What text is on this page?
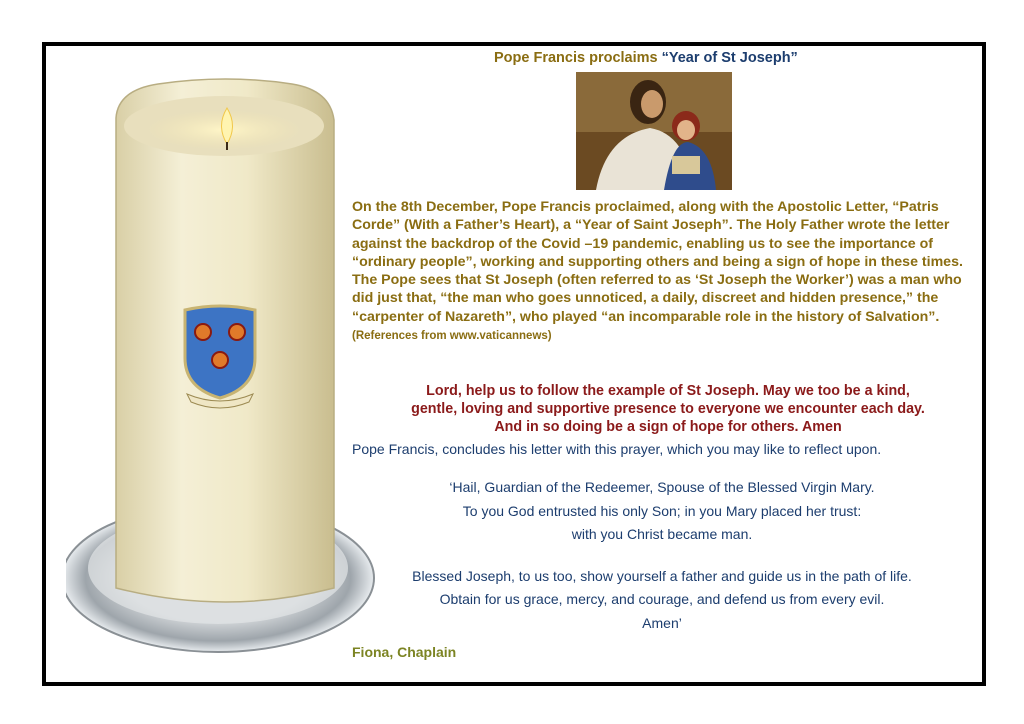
Pope Francis proclaims “Year of St Joseph”
On the 8th December, Pope Francis proclaimed, along with the Apostolic Letter, “Patris Corde” (With a Father’s Heart), a “Year of Saint Joseph”. The Holy Father wrote the letter against the backdrop of the Covid –19 pandemic, enabling us to see the importance of “ordinary people”, working and supporting others and being a sign of hope in these times. The Pope sees that St Joseph (often referred to as ‘St Joseph the Worker’) was a man who did just that, “the man who goes unnoticed, a daily, discreet and hidden presence,” the “carpenter of Nazareth”, who played “an incomparable role in the history of Salvation”. (References from www.vaticannews)
Lord, help us to follow the example of St Joseph. May we too be a kind,
gentle, loving and supportive presence to everyone we encounter each day.
And in so doing be a sign of hope for others. Amen
Pope Francis, concludes his letter with this prayer, which you may like to reflect upon.
‘Hail, Guardian of the Redeemer, Spouse of the Blessed Virgin Mary.
To you God entrusted his only Son; in you Mary placed her trust:
with you Christ became man.
Blessed Joseph, to us too, show yourself a father and guide us in the path of life.
Obtain for us grace, mercy, and courage, and defend us from every evil.
Amen’
Fiona, Chaplain
